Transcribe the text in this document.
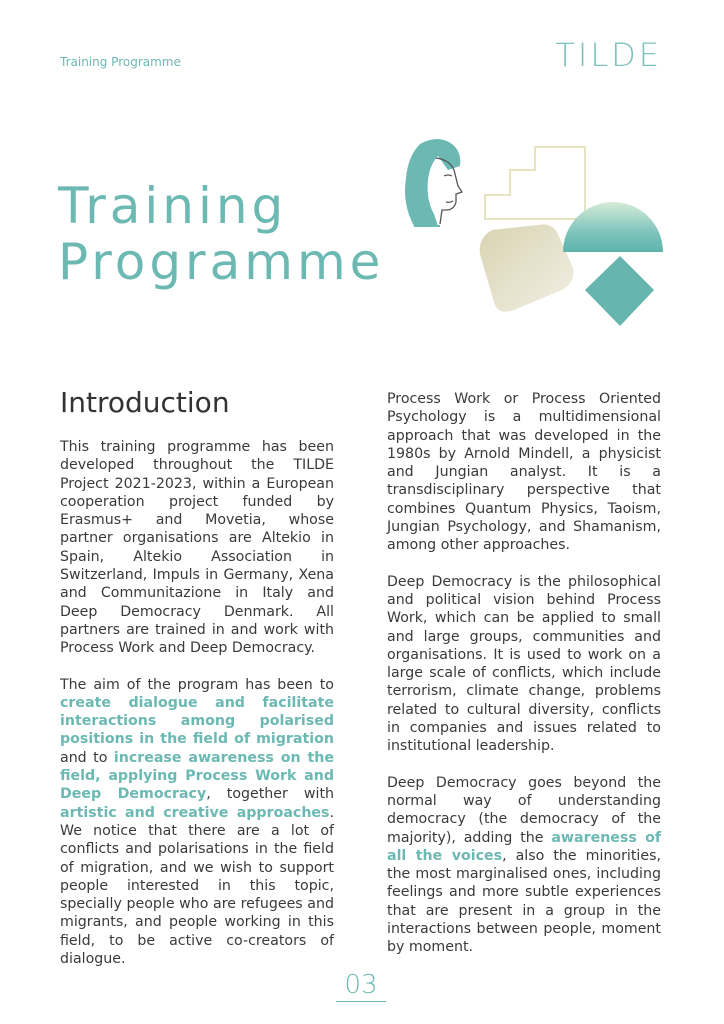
Training Programme	TILDE
Training
Programme
Introduction

This training programme has been developed throughout the TILDE Project 2021-2023, within a European cooperation project funded by Erasmus+ and Movetia, whose partner organisations are Altekio in Spain, Altekio Association in Switzerland, Impuls in Germany, Xena and Communitazione in Italy and Deep Democracy Denmark. All partners are trained in and work with Process Work and Deep Democracy.

The aim of the program has been to create dialogue and facilitate interactions among polarised positions in the field of migration and to increase awareness on the field, applying Process Work and Deep Democracy, together with artistic and creative approaches. We notice that there are a lot of conflicts and polarisations in the field of migration, and we wish to support people interested in this topic, specially people who are refugees and migrants, and people working in this field, to be active co-creators of dialogue.

Process Work or Process Oriented Psychology is a multidimensional approach that was developed in the 1980s by Arnold Mindell, a physicist and Jungian analyst. It is a transdisciplinary perspective that combines Quantum Physics, Taoism, Jungian Psychology, and Shamanism, among other approaches.

Deep Democracy is the philosophical and political vision behind Process Work, which can be applied to small and large groups, communities and organisations. It is used to work on a large scale of conflicts, which include terrorism, climate change, problems related to cultural diversity, conflicts in companies and issues related to institutional leadership.

Deep Democracy goes beyond the normal way of understanding democracy (the democracy of the majority), adding the awareness of all the voices, also the minorities, the most marginalised ones, including feelings and more subtle experiences that are present in a group in the interactions between people, moment by moment.

03
